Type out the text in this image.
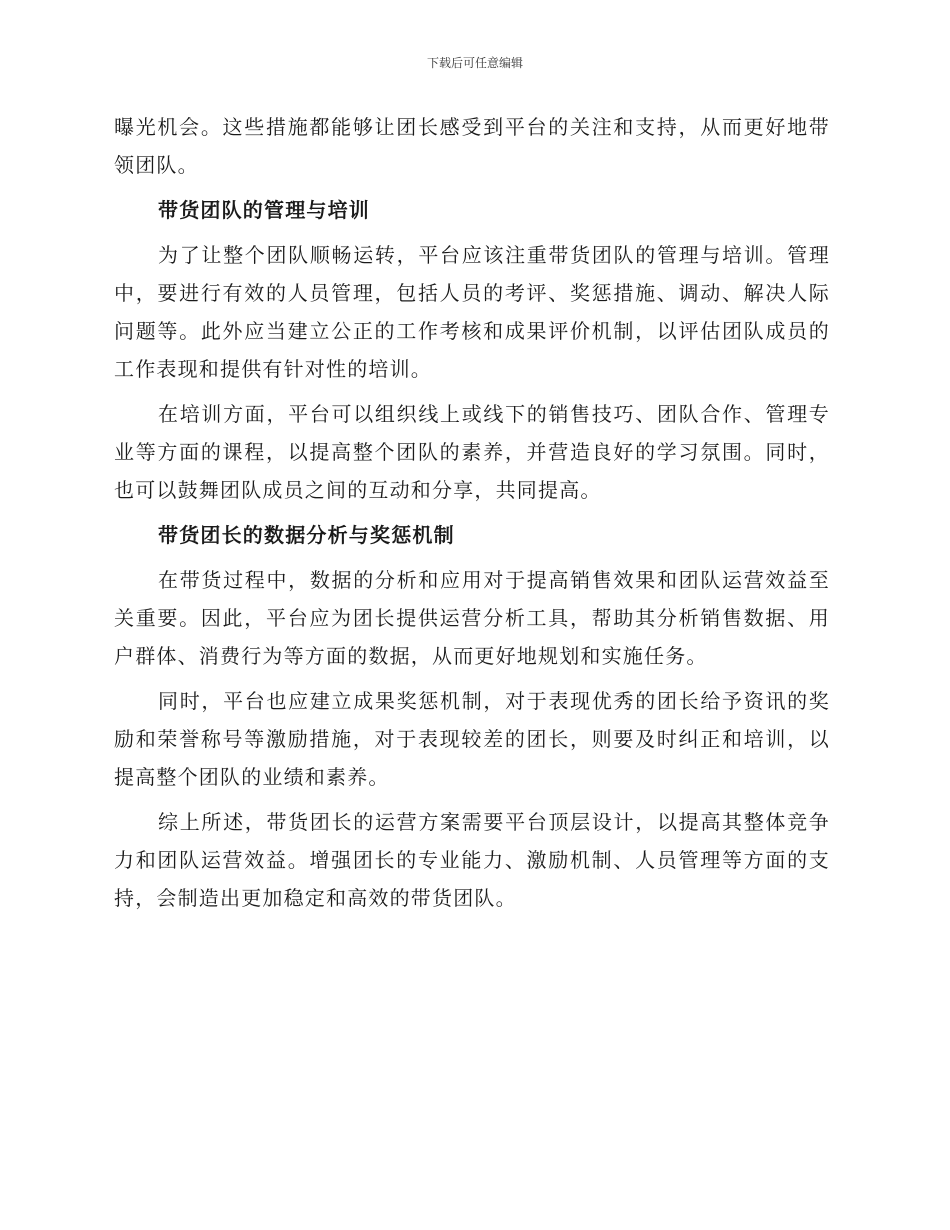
下载后可任意编辑

曝光机会。这些措施都能够让团长感受到平台的关注和支持，从而更好地带领团队。

带货团队的管理与培训

为了让整个团队顺畅运转，平台应该注重带货团队的管理与培训。管理中，要进行有效的人员管理，包括人员的考评、奖惩措施、调动、解决人际问题等。此外应当建立公正的工作考核和成果评价机制，以评估团队成员的工作表现和提供有针对性的培训。

在培训方面，平台可以组织线上或线下的销售技巧、团队合作、管理专业等方面的课程，以提高整个团队的素养，并营造良好的学习氛围。同时，也可以鼓舞团队成员之间的互动和分享，共同提高。

带货团长的数据分析与奖惩机制

在带货过程中，数据的分析和应用对于提高销售效果和团队运营效益至关重要。因此，平台应为团长提供运营分析工具，帮助其分析销售数据、用户群体、消费行为等方面的数据，从而更好地规划和实施任务。

同时，平台也应建立成果奖惩机制，对于表现优秀的团长给予资讯的奖励和荣誉称号等激励措施，对于表现较差的团长，则要及时纠正和培训，以提高整个团队的业绩和素养。

综上所述，带货团长的运营方案需要平台顶层设计，以提高其整体竞争力和团队运营效益。增强团长的专业能力、激励机制、人员管理等方面的支持，会制造出更加稳定和高效的带货团队。
